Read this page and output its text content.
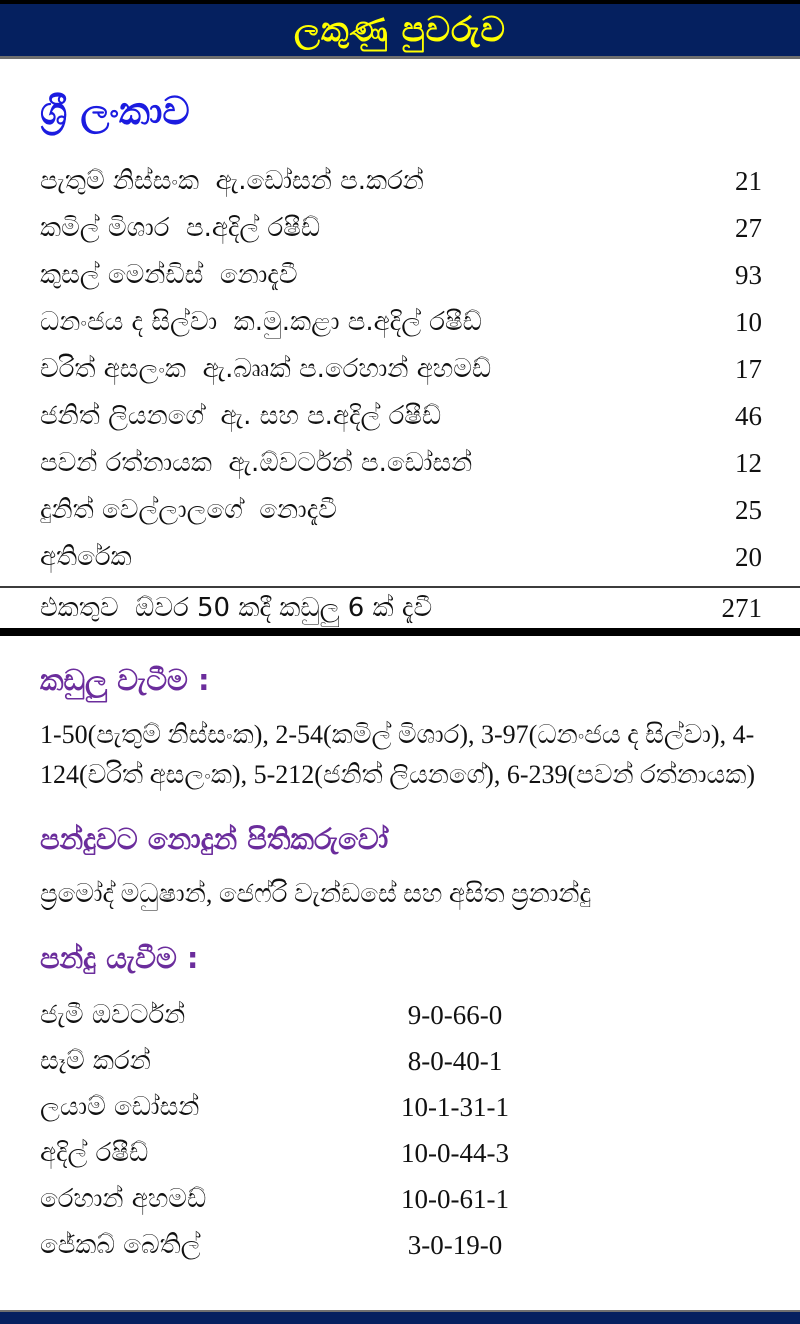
ලකුණු පුවරුව
ශ්‍රී ලංකාව
පැතුම් නිස්සංක  ඇ.ඩෝසන් ප.කරන්	21
කමිල් මිශාර  ප.අදිල් රෂීඩ්	27
කුසල් මෙන්ඩිස්  නොදැවී	93
ධනංජය ද සිල්වා  ක.මු.කළා ප.අදිල් රෂීඩ්	10
චරිත් අසලංක  ඇ.බෲක් ප.රෙහාන් අහමඩ්	17
ජනිත් ලියනගේ  ඇ. සහ ප.අදිල් රෂීඩ්	46
පවන් රත්නායක  ඇ.ඕවර්ටන් ප.ඩෝසන්	12
දුනිත් වෙල්ලාලගේ  නොදැවී	25
අතිරේක	20
එකතුව  ඕවර 50 කදී කඩුලු 6 ක් දැවී	271
කඩුලු වැටීම :
1-50(පැතුම් නිස්සංක), 2-54(කමිල් මිශාර), 3-97(ධනංජය ද සිල්වා), 4-124(චරිත් අසලංක), 5-212(ජනිත් ලියනගේ), 6-239(පවන් රත්නායක)
පන්දුවට නොදුන් පිතිකරුවෝ
ප්‍රමෝද් මධුෂාන්, ජෙෆ්රි වැන්ඩසේ සහ අසිත ප්‍රනාන්දු
පන්දු යැවීම :
ජැමී ඔවර්ටන්	9-0-66-0
සෑම් කරන්	8-0-40-1
ලයාම් ඩෝසන්	10-1-31-1
අදිල් රෂීඩ්	10-0-44-3
රෙහාන් අහමඩ්	10-0-61-1
ජේකබ් බෙතිල්	3-0-19-0
